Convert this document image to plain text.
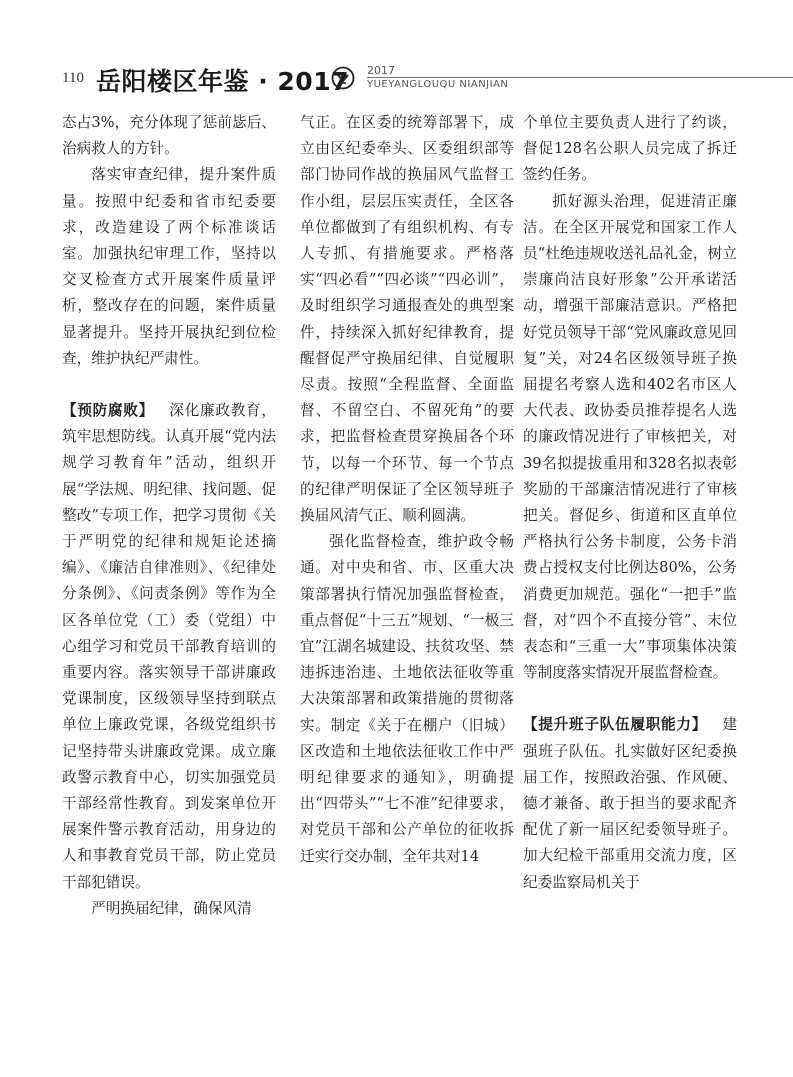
110 岳阳楼区年鉴 · 2017 2017
YUEYANGLOUQU NIANJIAN

态占3%，充分体现了惩前毖后、治病救人的方针。

落实审查纪律，提升案件质量。按照中纪委和省市纪委要求，改造建设了两个标准谈话室。加强执纪审理工作，坚持以交叉检查方式开展案件质量评析，整改存在的问题，案件质量显著提升。坚持开展执纪到位检查，维护执纪严肃性。

【预防腐败】  深化廉政教育，筑牢思想防线。认真开展“党内法规学习教育年”活动，组织开展“学法规、明纪律、找问题、促整改”专项工作，把学习贯彻《关于严明党的纪律和规矩论述摘编》、《廉洁自律准则》、《纪律处分条例》、《问责条例》等作为全区各单位党（工）委（党组）中心组学习和党员干部教育培训的重要内容。落实领导干部讲廉政党课制度，区级领导坚持到联点单位上廉政党课，各级党组织书记坚持带头讲廉政党课。成立廉政警示教育中心，切实加强党员干部经常性教育。到发案单位开展案件警示教育活动，用身边的人和事教育党员干部，防止党员干部犯错误。

严明换届纪律，确保风清

气正。在区委的统筹部署下，成立由区纪委牵头、区委组织部等部门协同作战的换届风气监督工作小组，层层压实责任，全区各单位都做到了有组织机构、有专人专抓、有措施要求。严格落实“四必看”“四必谈”“四必训”，及时组织学习通报查处的典型案件，持续深入抓好纪律教育，提醒督促严守换届纪律、自觉履职尽责。按照“全程监督、全面监督、不留空白、不留死角”的要求，把监督检查贯穿换届各个环节，以每一个环节、每一个节点的纪律严明保证了全区领导班子换届风清气正、顺利圆满。

强化监督检查，维护政令畅通。对中央和省、市、区重大决策部署执行情况加强监督检查，重点督促“十三五”规划、“一极三宜”江湖名城建设、扶贫攻坚、禁违拆违治违、土地依法征收等重大决策部署和政策措施的贯彻落实。制定《关于在棚户（旧城）区改造和土地依法征收工作中严明纪律要求的通知》，明确提出“四带头”“七不准”纪律要求，对党员干部和公产单位的征收拆迁实行交办制，全年共对14

个单位主要负责人进行了约谈，督促128名公职人员完成了拆迁签约任务。

抓好源头治理，促进清正廉洁。在全区开展党和国家工作人员“杜绝违规收送礼品礼金，树立崇廉尚洁良好形象”公开承诺活动，增强干部廉洁意识。严格把好党员领导干部“党风廉政意见回复”关，对24名区级领导班子换届提名考察人选和402名市区人大代表、政协委员推荐提名人选的廉政情况进行了审核把关，对39名拟提拔重用和328名拟表彰奖励的干部廉洁情况进行了审核把关。督促乡、街道和区直单位严格执行公务卡制度，公务卡消费占授权支付比例达80%，公务消费更加规范。强化“一把手”监督，对“四个不直接分管”、末位表态和“三重一大”事项集体决策等制度落实情况开展监督检查。

【提升班子队伍履职能力】  建强班子队伍。扎实做好区纪委换届工作，按照政治强、作风硬、德才兼备、敢于担当的要求配齐配优了新一届区纪委领导班子。加大纪检干部重用交流力度，区纪委监察局机关于
